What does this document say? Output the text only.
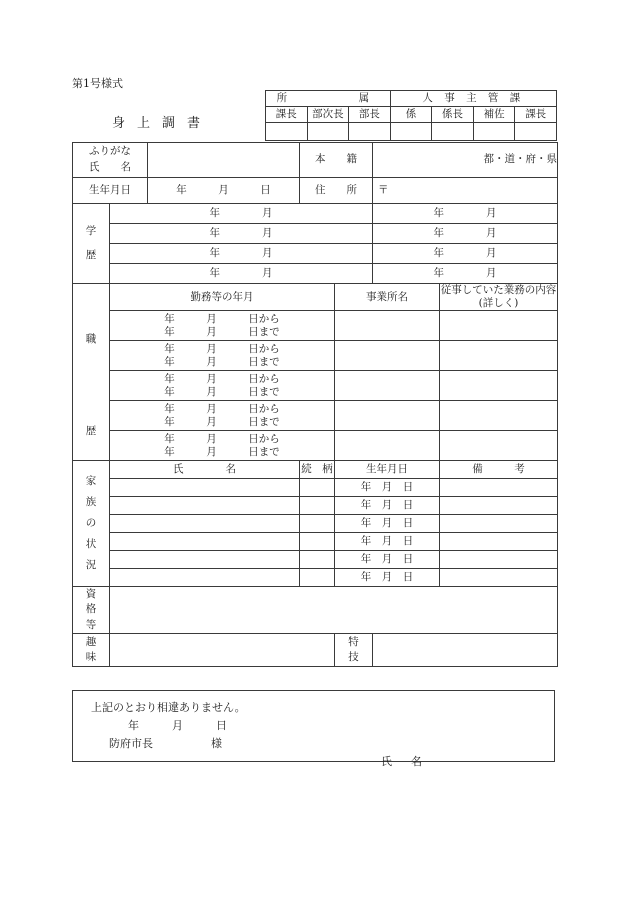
第1号様式
身上調書
所　　　属			人 事 主 管 課			
課長	部次長	部長	係	係長	補佐	課長

ふりがな
氏　　名			本　　籍		都・道・府・県	
生年月日		年　　　月　　　日	住　　所		〒	

学
歴	年　　　　月				年　　　　月	
	年　　　　月				年　　　　月	
	年　　　　月				年　　　　月	
	年　　　　月				年　　　　月	

職
歴	勤務等の年月			事業所名		従事していた業務の内容(詳しく)
	年　　　月　　　日から
年　　　月　　　日まで					
	年　　　月　　　日から
年　　　月　　　日まで					
	年　　　月　　　日から
年　　　月　　　日まで					
	年　　　月　　　日から
年　　　月　　　日まで					
	年　　　月　　　日から
年　　　月　　　日まで					

家
族
の
状
況	氏　　　　名		続　柄	生年月日		備　　　考
				年　月　日		
				年　月　日		
				年　月　日		
				年　月　日		
				年　月　日		
				年　月　日		

資
格
等						

趣
味				特
技		

上記のとおり相違ありません。
年　　　月　　　日
防府市長	様
氏　名
